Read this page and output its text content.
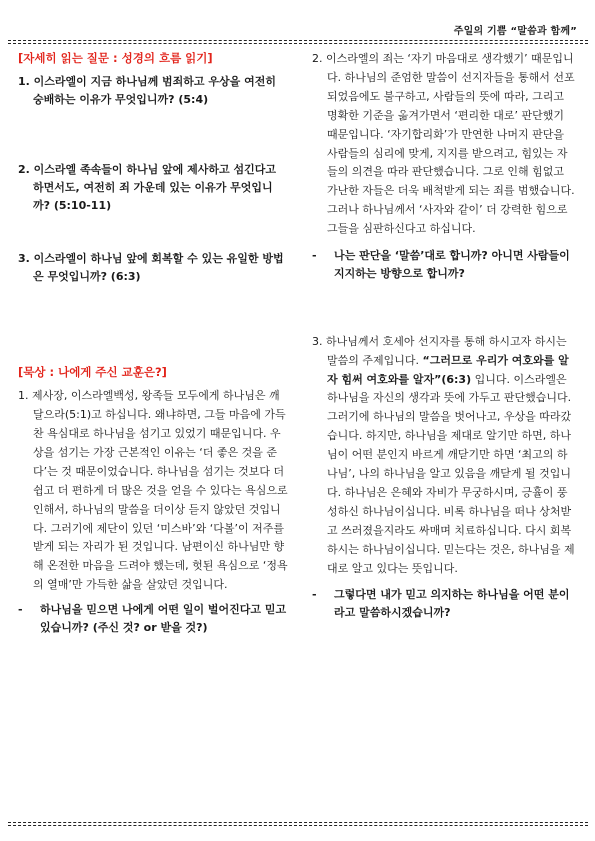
주일의 기쁨 “말씀과 함께”
[자세히 읽는 질문 : 성경의 흐름 읽기]

1. 이스라엘이 지금 하나님께 범죄하고 우상을 여전히 숭배하는 이유가 무엇입니까? (5:4)

2. 이스라엘 족속들이 하나님 앞에 제사하고 섬긴다고 하면서도, 여전히 죄 가운데 있는 이유가 무엇입니까? (5:10-11)

3. 이스라엘이 하나님 앞에 회복할 수 있는 유일한 방법은 무엇입니까? (6:3)

[묵상 : 나에게 주신 교훈은?]

1. 제사장, 이스라엘백성, 왕족들 모두에게 하나님은 깨달으라(5:1)고 하십니다. 왜냐하면, 그들 마음에 가득찬 욕심대로 하나님을 섬기고 있었기 때문입니다. 우상을 섬기는 가장 근본적인 이유는 ‘더 좋은 것을 준다’는 것 때문이었습니다. 하나님을 섬기는 것보다 더 쉽고 더 편하게 더 많은 것을 얻을 수 있다는 욕심으로 인해서, 하나님의 말씀을 더이상 듣지 않았던 것입니다. 그러기에 제단이 있던 ‘미스바’와 ‘다볼’이 저주를 받게 되는 자리가 된 것입니다. 남편이신 하나님만 향해 온전한 마음을 드려야 했는데, 헛된 욕심으로 ‘정욕의 열매’만 가득한 삶을 살았던 것입니다.

- 하나님을 믿으면 나에게 어떤 일이 벌어진다고 믿고 있습니까? (주신 것? or 받을 것?)

2. 이스라엘의 죄는 ‘자기 마음대로 생각했기’ 때문입니다. 하나님의 준엄한 말씀이 선지자들을 통해서 선포되었음에도 불구하고, 사람들의 뜻에 따라, 그리고 명확한 기준을 옮겨가면서 ‘편리한 대로’ 판단했기 때문입니다. ‘자기합리화’가 만연한 나머지 판단을 사람들의 심리에 맞게, 지지를 받으려고, 힘있는 자들의 의견을 따라 판단했습니다. 그로 인해 힘없고 가난한 자들은 더욱 배척받게 되는 죄를 범했습니다. 그러나 하나님께서 ‘사자와 같이’ 더 강력한 힘으로 그들을 심판하신다고 하십니다.

- 나는 판단을 ‘말씀’대로 합니까? 아니면 사람들이 지지하는 방향으로 합니까?

3. 하나님께서 호세아 선지자를 통해 하시고자 하시는 말씀의 주제입니다. “그러므로 우리가 여호와를 알자 힘써 여호와를 알자”(6:3) 입니다. 이스라엘은 하나님을 자신의 생각과 뜻에 가두고 판단했습니다. 그러기에 하나님의 말씀을 벗어나고, 우상을 따라갔습니다. 하지만, 하나님을 제대로 알기만 하면, 하나님이 어떤 분인지 바르게 깨닫기만 하면 ‘최고의 하나님’, 나의 하나님을 알고 있음을 깨닫게 될 것입니다. 하나님은 은혜와 자비가 무궁하시며, 긍휼이 풍성하신 하나님이십니다. 비록 하나님을 떠나 상처받고 쓰러졌을지라도 싸매며 치료하십니다. 다시 회복하시는 하나님이십니다. 믿는다는 것은, 하나님을 제대로 알고 있다는 뜻입니다.

- 그렇다면 내가 믿고 의지하는 하나님을 어떤 분이라고 말씀하시겠습니까?
